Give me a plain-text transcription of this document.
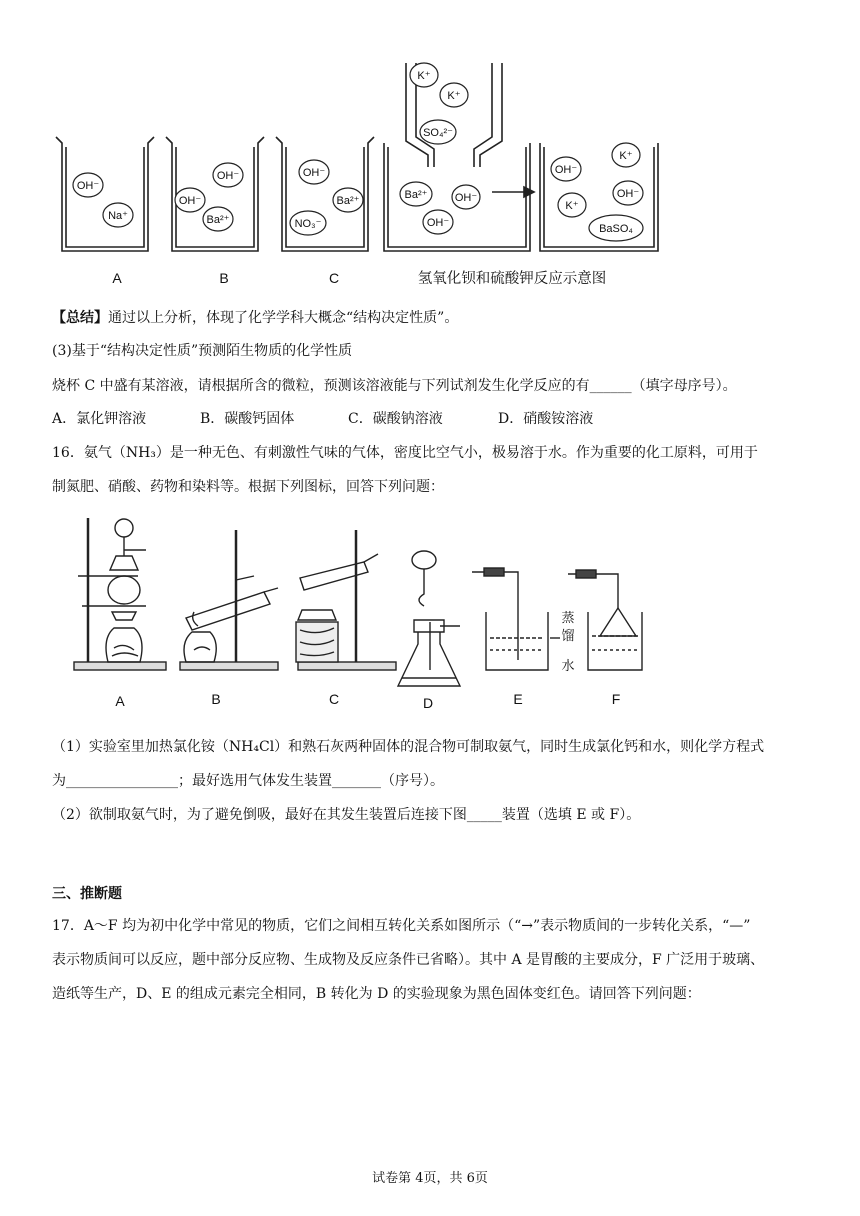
OH⁻
Na⁺
OH⁻
OH⁻
Ba²⁺
OH⁻
Ba²⁺
NO₃⁻
K⁺
K⁺
SO₄²⁻
Ba²⁺ OH⁻
OH⁻
OH⁻
K⁺
OH⁻
K⁺
BaSO₄
A	B	C	氢氧化钡和硫酸钾反应示意图
【总结】通过以上分析，体现了化学学科大概念“结构决定性质”。
(3)基于“结构决定性质”预测陌生物质的化学性质
烧杯 C 中盛有某溶液，请根据所含的微粒，预测该溶液能与下列试剂发生化学反应的有______（填字母序号）。
A．氯化钾溶液	B．碳酸钙固体	C．碳酸钠溶液	D．硝酸铵溶液
16．氨气（NH₃）是一种无色、有刺激性气味的气体，密度比空气小，极易溶于水。作为重要的化工原料，可用于
制氮肥、硝酸、药物和染料等。根据下列图标，回答下列问题：
A	B	C	D	E	F
蒸
馏
水
（1）实验室里加热氯化铵（NH₄Cl）和熟石灰两种固体的混合物可制取氨气，同时生成氯化钙和水，则化学方程式
为________________；最好选用气体发生装置_______（序号）。
（2）欲制取氨气时，为了避免倒吸，最好在其发生装置后连接下图_____装置（选填 E 或 F）。
三、推断题
17．A～F 均为初中化学中常见的物质，它们之间相互转化关系如图所示（“→”表示物质间的一步转化关系，“—”
表示物质间可以反应，题中部分反应物、生成物及反应条件已省略）。其中 A 是胃酸的主要成分，F 广泛用于玻璃、
造纸等生产，D、E 的组成元素完全相同，B 转化为 D 的实验现象为黑色固体变红色。请回答下列问题：
试卷第 4页，共 6页
